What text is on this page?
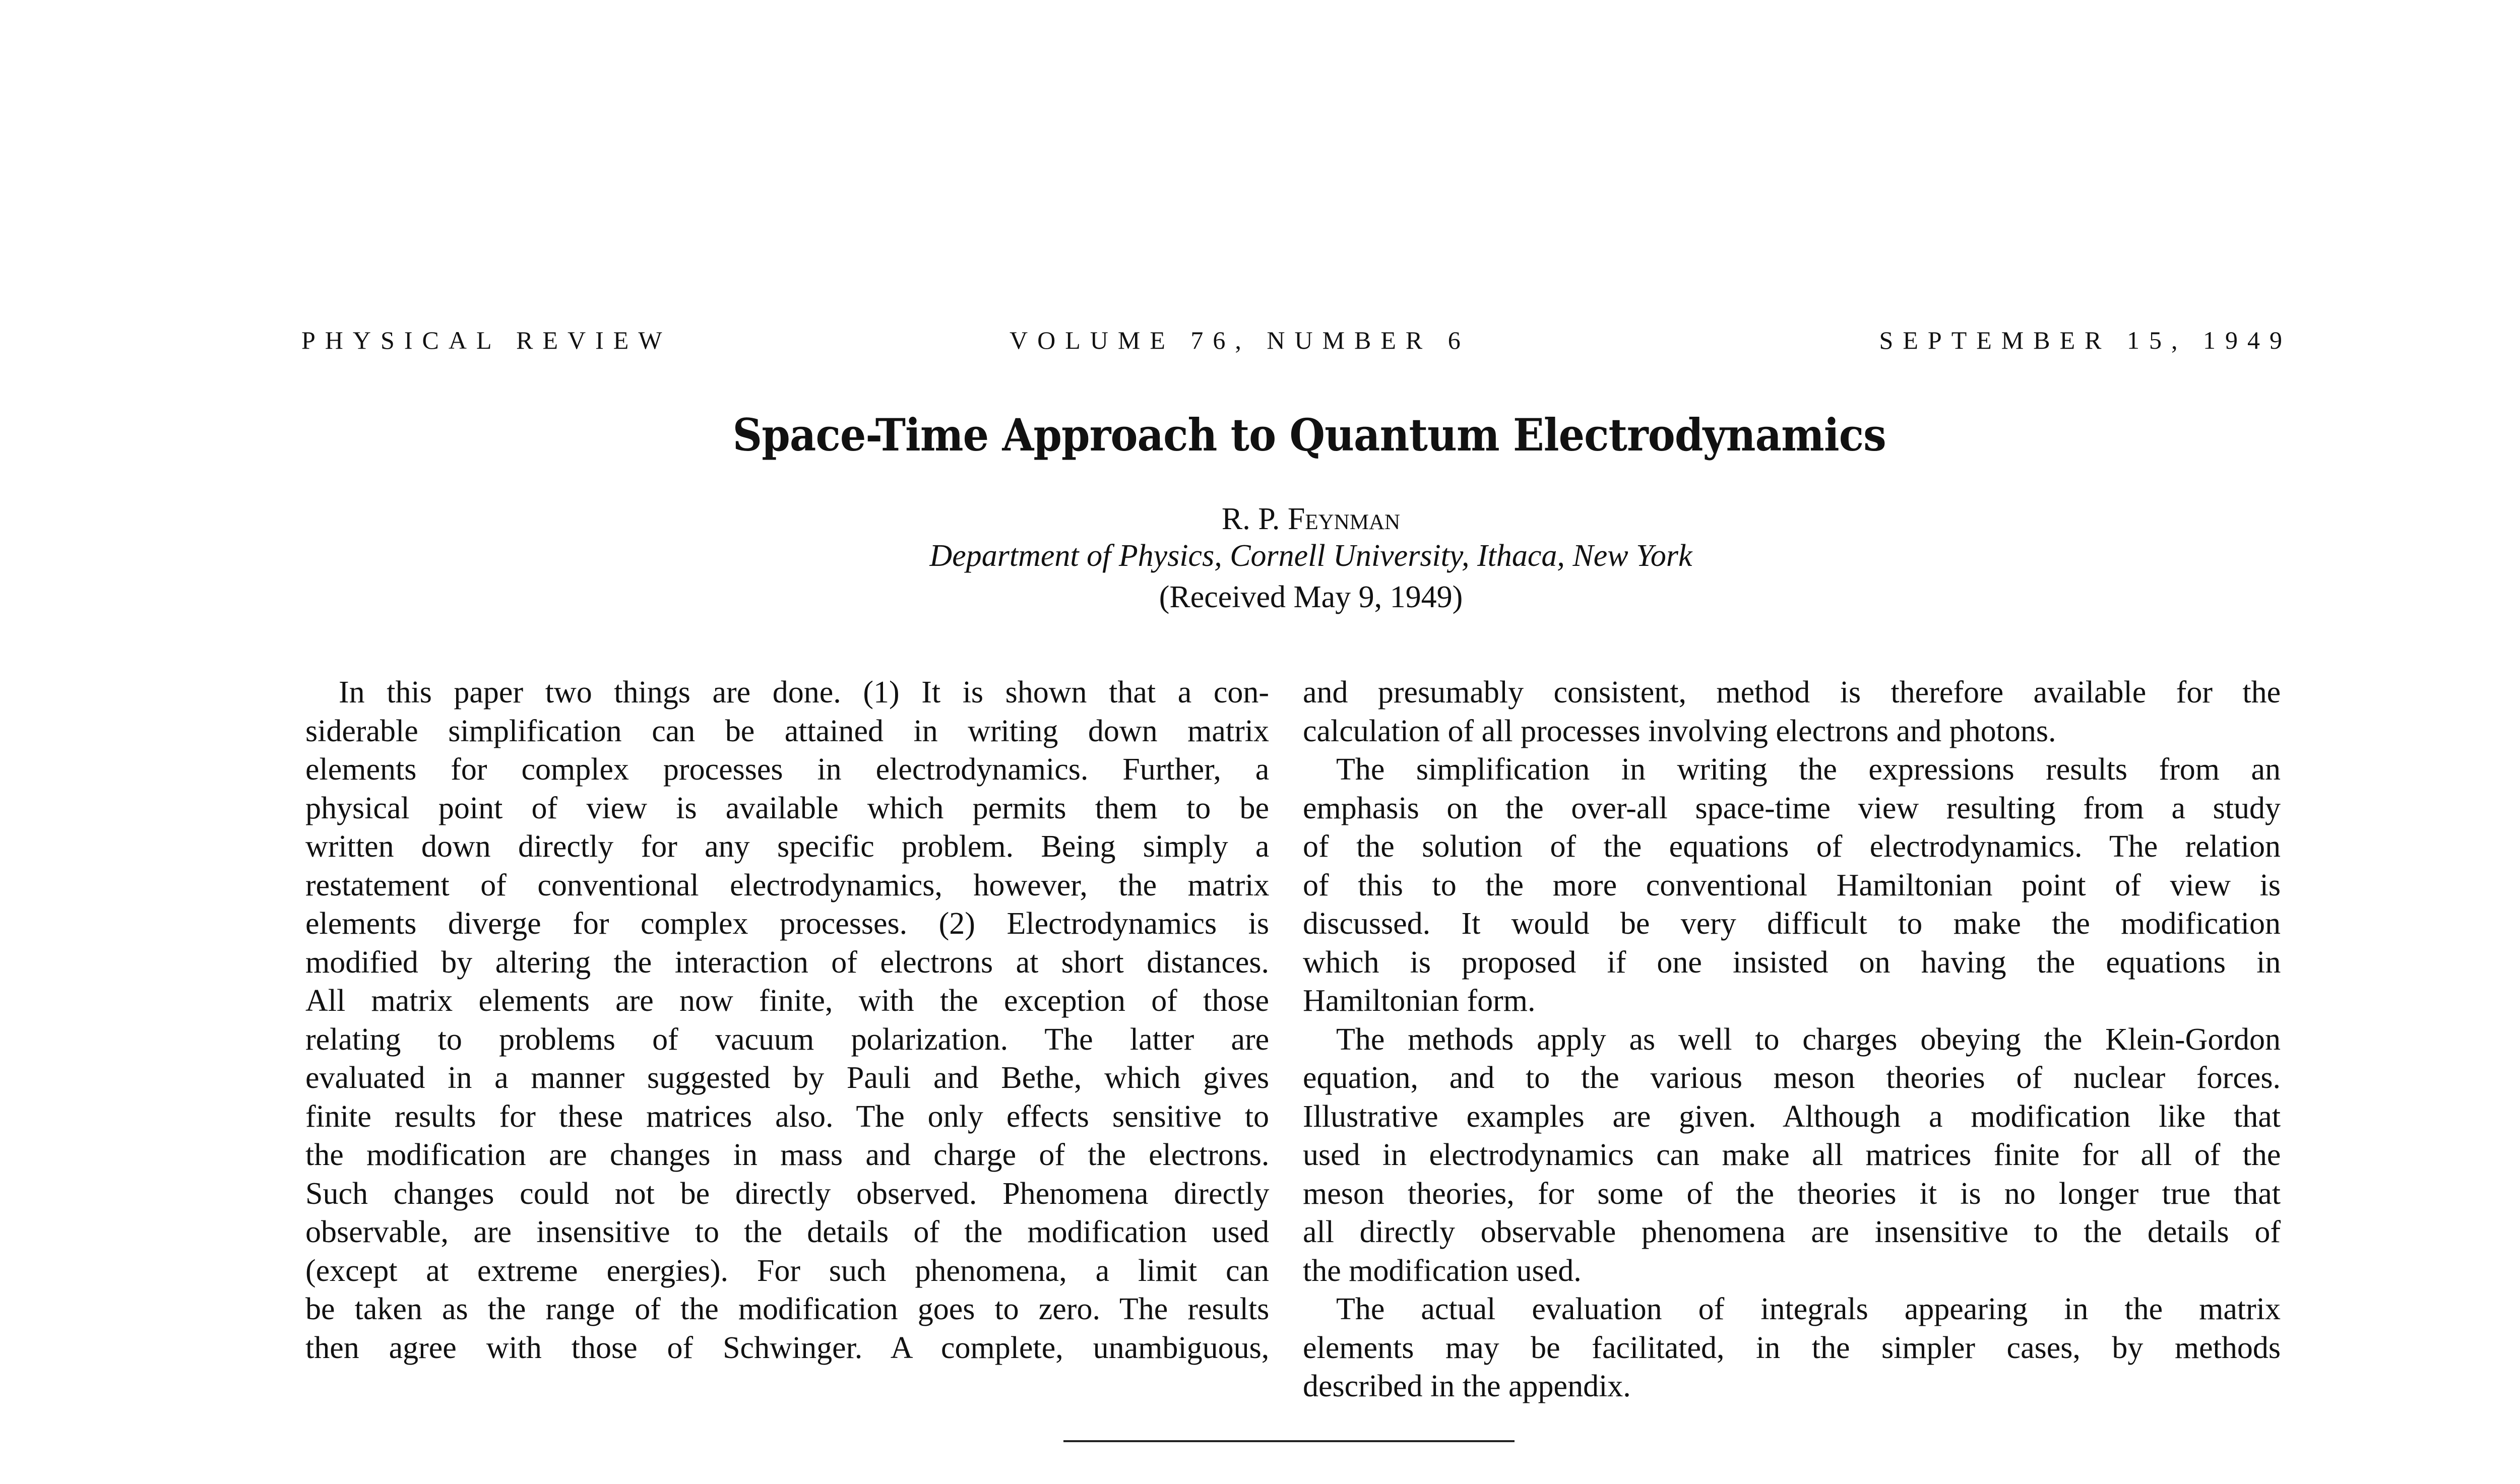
PHYSICAL REVIEW	VOLUME 76, NUMBER 6	SEPTEMBER 15, 1949
Space-Time Approach to Quantum Electrodynamics
R. P. Feynman
Department of Physics, Cornell University, Ithaca, New York
(Received May 9, 1949)
In this paper two things are done. (1) It is shown that a con-
siderable simplification can be attained in writing down matrix
elements for complex processes in electrodynamics. Further, a
physical point of view is available which permits them to be
written down directly for any specific problem. Being simply a
restatement of conventional electrodynamics, however, the matrix
elements diverge for complex processes. (2) Electrodynamics is
modified by altering the interaction of electrons at short distances.
All matrix elements are now finite, with the exception of those
relating to problems of vacuum polarization. The latter are
evaluated in a manner suggested by Pauli and Bethe, which gives
finite results for these matrices also. The only effects sensitive to
the modification are changes in mass and charge of the electrons.
Such changes could not be directly observed. Phenomena directly
observable, are insensitive to the details of the modification used
(except at extreme energies). For such phenomena, a limit can
be taken as the range of the modification goes to zero. The results
then agree with those of Schwinger. A complete, unambiguous,
and presumably consistent, method is therefore available for the
calculation of all processes involving electrons and photons.
The simplification in writing the expressions results from an
emphasis on the over-all space-time view resulting from a study
of the solution of the equations of electrodynamics. The relation
of this to the more conventional Hamiltonian point of view is
discussed. It would be very difficult to make the modification
which is proposed if one insisted on having the equations in
Hamiltonian form.
The methods apply as well to charges obeying the Klein-Gordon
equation, and to the various meson theories of nuclear forces.
Illustrative examples are given. Although a modification like that
used in electrodynamics can make all matrices finite for all of the
meson theories, for some of the theories it is no longer true that
all directly observable phenomena are insensitive to the details of
the modification used.
The actual evaluation of integrals appearing in the matrix
elements may be facilitated, in the simpler cases, by methods
described in the appendix.
